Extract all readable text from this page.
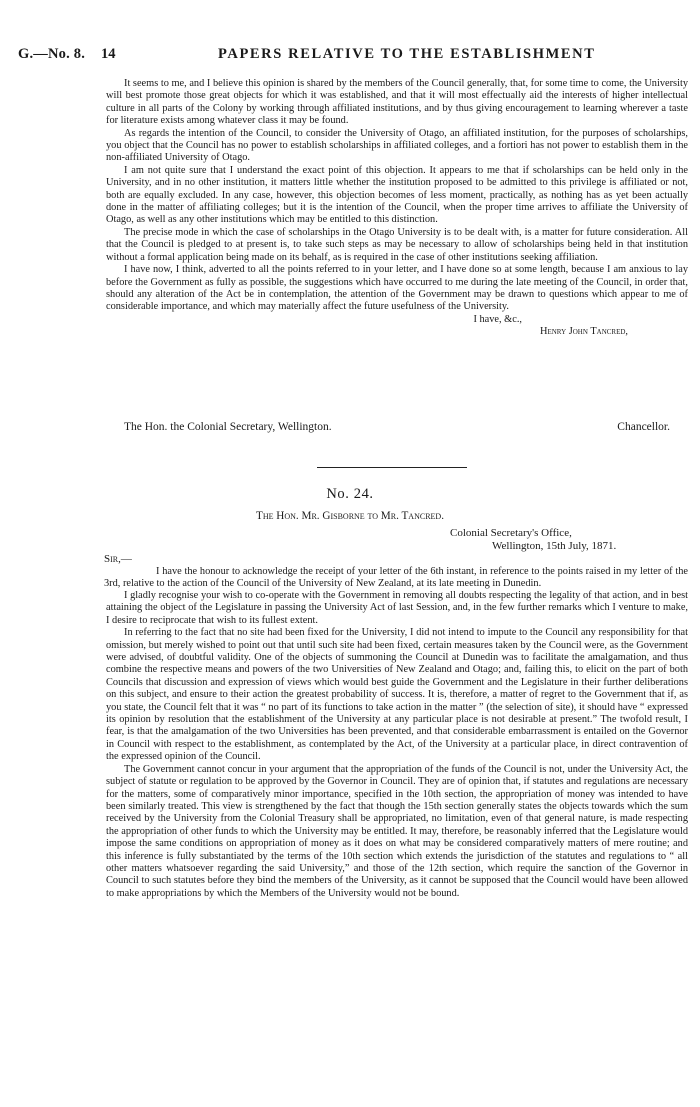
G.—No. 8. 14	PAPERS RELATIVE TO THE ESTABLISHMENT

It seems to me, and I believe this opinion is shared by the members of the Council generally, that, for some time to come, the University will best promote those great objects for which it was established, and that it will most effectually aid the interests of higher intellectual culture in all parts of the Colony by working through affiliated institutions, and by thus giving encouragement to learning wherever a taste for literature exists among whatever class it may be found.

As regards the intention of the Council, to consider the University of Otago, an affiliated institution, for the purposes of scholarships, you object that the Council has no power to establish scholarships in affiliated colleges, and a fortiori has not power to establish them in the non-affiliated University of Otago.

I am not quite sure that I understand the exact point of this objection. It appears to me that if scholarships can be held only in the University, and in no other institution, it matters little whether the institution proposed to be admitted to this privilege is affiliated or not, both are equally excluded. In any case, however, this objection becomes of less moment, practically, as nothing has as yet been actually done in the matter of affiliating colleges; but it is the intention of the Council, when the proper time arrives to affiliate the University of Otago, as well as any other institutions which may be entitled to this distinction.

The precise mode in which the case of scholarships in the Otago University is to be dealt with, is a matter for future consideration. All that the Council is pledged to at present is, to take such steps as may be necessary to allow of scholarships being held in that institution without a formal application being made on its behalf, as is required in the case of other institutions seeking affiliation.

I have now, I think, adverted to all the points referred to in your letter, and I have done so at some length, because I am anxious to lay before the Government as fully as possible, the suggestions which have occurred to me during the late meeting of the Council, in order that, should any alteration of the Act be in contemplation, the attention of the Government may be drawn to questions which appear to me of considerable importance, and which may materially affect the future usefulness of the University.

I have, &c.,

Henry John Tancred,

The Hon. the Colonial Secretary, Wellington.	Chancellor.
No. 24.
The Hon. Mr. Gisborne to Mr. Tancred.
Colonial Secretary's Office,
Wellington, 15th July, 1871.
Sir,—

I have the honour to acknowledge the receipt of your letter of the 6th instant, in reference to the points raised in my letter of the 3rd, relative to the action of the Council of the University of New Zealand, at its late meeting in Dunedin.

I gladly recognise your wish to co-operate with the Government in removing all doubts respecting the legality of that action, and in best attaining the object of the Legislature in passing the University Act of last Session, and, in the few further remarks which I venture to make, I desire to reciprocate that wish to its fullest extent.

In referring to the fact that no site had been fixed for the University, I did not intend to impute to the Council any responsibility for that omission, but merely wished to point out that until such site had been fixed, certain measures taken by the Council were, as the Government were advised, of doubtful validity. One of the objects of summoning the Council at Dunedin was to facilitate the amalgamation, and thus combine the respective means and powers of the two Universities of New Zealand and Otago; and, failing this, to elicit on the part of both Councils that discussion and expression of views which would best guide the Government and the Legislature in their further deliberations on this subject, and ensure to their action the greatest probability of success. It is, therefore, a matter of regret to the Government that if, as you state, the Council felt that it was “ no part of its functions to take action in the matter ” (the selection of site), it should have “ expressed its opinion by resolution that the establishment of the University at any particular place is not desirable at present.” The twofold result, I fear, is that the amalgamation of the two Universities has been prevented, and that considerable embarrassment is entailed on the Governor in Council with respect to the establishment, as contemplated by the Act, of the University at a particular place, in direct contravention of the expressed opinion of the Council.

The Government cannot concur in your argument that the appropriation of the funds of the Council is not, under the University Act, the subject of statute or regulation to be approved by the Governor in Council. They are of opinion that, if statutes and regulations are necessary for the matters, some of comparatively minor importance, specified in the 10th section, the appropriation of money was intended to have been similarly treated. This view is strengthened by the fact that though the 15th section generally states the objects towards which the sum received by the University from the Colonial Treasury shall be appropriated, no limitation, even of that general nature, is made respecting the appropriation of other funds to which the University may be entitled. It may, therefore, be reasonably inferred that the Legislature would impose the same conditions on appropriation of money as it does on what may be considered comparatively matters of mere routine; and this inference is fully substantiated by the terms of the 10th section which extends the jurisdiction of the statutes and regulations to “ all other matters whatsoever regarding the said University,” and those of the 12th section, which require the sanction of the Governor in Council to such statutes before they bind the members of the University, as it cannot be supposed that the Council would have been allowed to make appropriations by which the Members of the University would not be bound.
